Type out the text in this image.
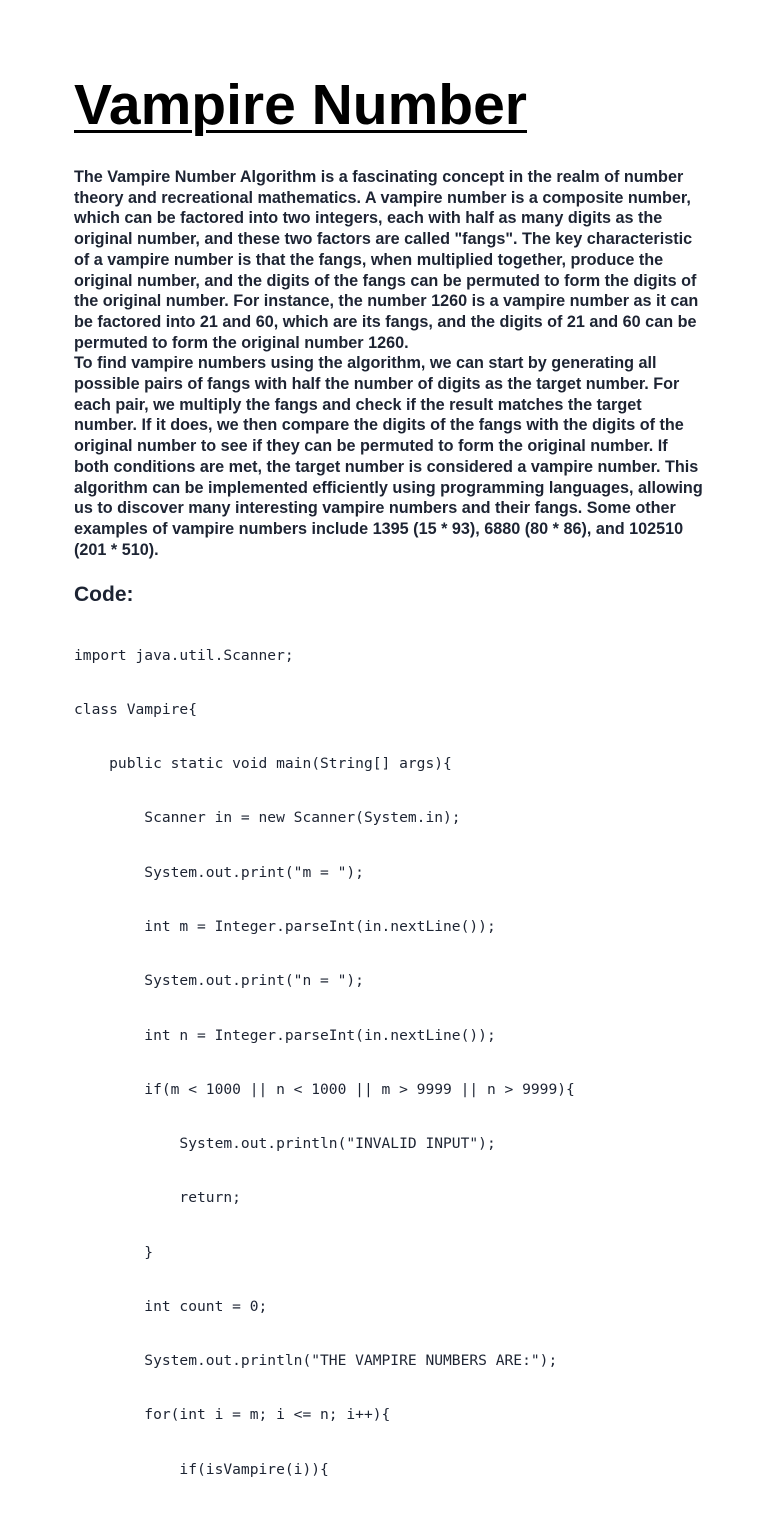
Vampire Number

The Vampire Number Algorithm is a fascinating concept in the realm of number theory and recreational mathematics. A vampire number is a composite number, which can be factored into two integers, each with half as many digits as the original number, and these two factors are called "fangs". The key characteristic of a vampire number is that the fangs, when multiplied together, produce the original number, and the digits of the fangs can be permuted to form the digits of the original number. For instance, the number 1260 is a vampire number as it can be factored into 21 and 60, which are its fangs, and the digits of 21 and 60 can be permuted to form the original number 1260.

To find vampire numbers using the algorithm, we can start by generating all possible pairs of fangs with half the number of digits as the target number. For each pair, we multiply the fangs and check if the result matches the target number. If it does, we then compare the digits of the fangs with the digits of the original number to see if they can be permuted to form the original number. If both conditions are met, the target number is considered a vampire number. This algorithm can be implemented efficiently using programming languages, allowing us to discover many interesting vampire numbers and their fangs. Some other examples of vampire numbers include 1395 (15 * 93), 6880 (80 * 86), and 102510 (201 * 510).

Code:

import java.util.Scanner;

class Vampire{

public static void main(String[] args){

Scanner in = new Scanner(System.in);

System.out.print("m = ");

int m = Integer.parseInt(in.nextLine());

System.out.print("n = ");

int n = Integer.parseInt(in.nextLine());

if(m < 1000 || n < 1000 || m > 9999 || n > 9999){

System.out.println("INVALID INPUT");

return;

}

int count = 0;

System.out.println("THE VAMPIRE NUMBERS ARE:");

for(int i = m; i <= n; i++){

if(isVampire(i)){
